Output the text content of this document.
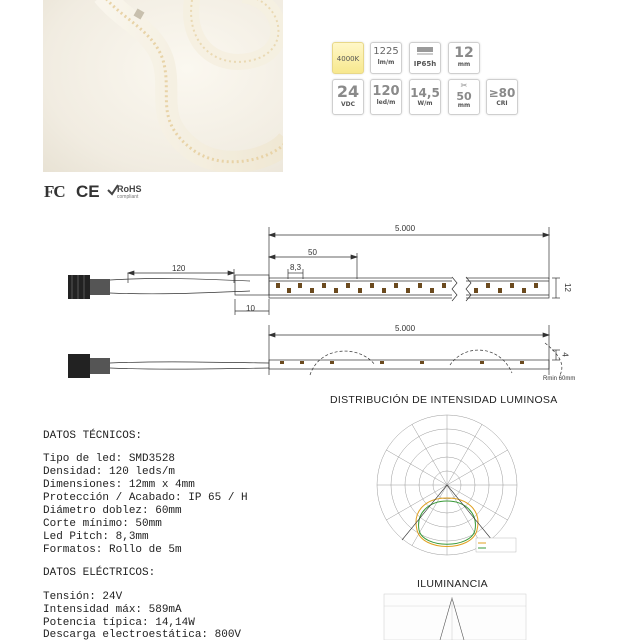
4000K
1225
lm/m	IP65h
12
mm
24
VDC
120
led/m
14,5
W/m
✂
50
mm
≥80
CRI
FC CE RoHS
compliant
5.000
50
8,3
120
10
12
5.000
4
Rmin 60mm
DISTRIBUCIÓN DE INTENSIDAD LUMINOSA
ILUMINANCIA
DATOS TÉCNICOS:
Tipo de led: SMD3528
Densidad: 120 leds/m
Dimensiones: 12mm x 4mm
Protección / Acabado: IP 65 / H
Diámetro doblez: 60mm
Corte mínimo: 50mm
Led Pitch: 8,3mm
Formatos: Rollo de 5m
DATOS ELÉCTRICOS:
Tensión: 24V
Intensidad máx: 589mA
Potencia típica: 14,14W
Descarga electroestática: 800V
